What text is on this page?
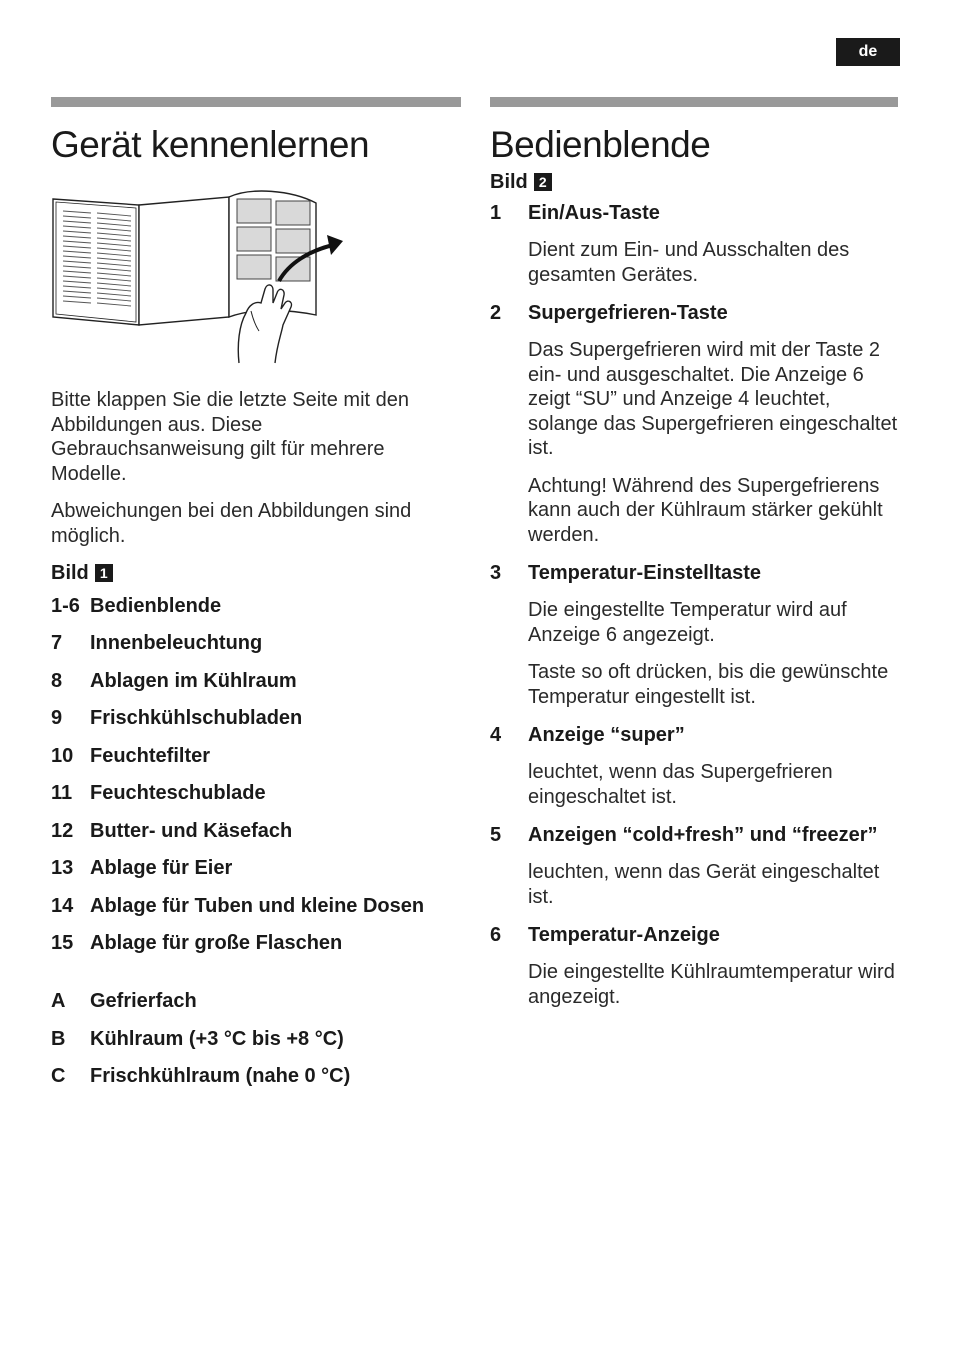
de
Gerät kennenlernen

Bitte klappen Sie die letzte Seite mit den Abbildungen aus. Diese Gebrauchsanweisung gilt für mehrere Modelle.

Abweichungen bei den Abbildungen sind möglich.

Bild 1
1-6 Bedienblende
7	Innenbeleuchtung
8	Ablagen im Kühlraum
9	Frischkühlschubladen
10 Feuchtefilter
11 Feuchteschublade
12 Butter- und Käsefach
13 Ablage für Eier
14 Ablage für Tuben und kleine Dosen
15 Ablage für große Flaschen
A	Gefrierfach
B	Kühlraum (+3 °C bis +8 °C)
C	Frischkühlraum (nahe 0 °C)
Bedienblende
Bild 2
1	Ein/Aus-Taste

Dient zum Ein- und Ausschalten des gesamten Gerätes.

2	Supergefrieren-Taste

Das Supergefrieren wird mit der Taste 2 ein- und ausgeschaltet. Die Anzeige 6 zeigt “SU” und Anzeige 4 leuchtet, solange das Supergefrieren eingeschaltet ist.

Achtung! Während des Supergefrierens kann auch der Kühlraum stärker gekühlt werden.

3	Temperatur-Einstelltaste

Die eingestellte Temperatur wird auf Anzeige 6 angezeigt.

Taste so oft drücken, bis die gewünschte Temperatur eingestellt ist.

4	Anzeige “super”

leuchtet, wenn das Supergefrieren eingeschaltet ist.

5	Anzeigen “cold+fresh” und “freezer”

leuchten, wenn das Gerät eingeschaltet ist.

6	Temperatur-Anzeige

Die eingestellte Kühlraumtemperatur wird angezeigt.
